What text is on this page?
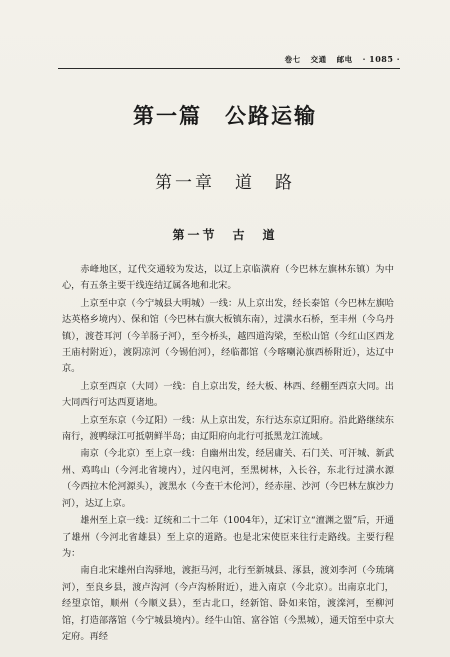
卷七 交通 邮电 · 1085 ·
第一篇　公路运输
第一章　道　路
第一节　古　道

赤峰地区，辽代交通较为发达，以辽上京临潢府（今巴林左旗林东镇）为中心，有五条主要干线连结辽属各地和北宋。

上京至中京（今宁城县大明城）一线：从上京出发，经长泰馆（今巴林左旗哈达英格乡境内）、保和馆（今巴林右旗大板镇东南），过潢水石桥，至丰州（今乌丹镇），渡苍耳河（今羊肠子河），至今桥头，越四道沟梁，至松山馆（今红山区西龙王庙村附近），渡阴凉河（今锡伯河），经临都馆（今喀喇沁旗西桥附近），达辽中京。

上京至西京（大同）一线：自上京出发，经大板、林西、经棚至西京大同。出大同西行可达西夏诸地。

上京至东京（今辽阳）一线：从上京出发，东行达东京辽阳府。沿此路继续东南行，渡鸭绿江可抵朝鲜半岛；由辽阳府向北行可抵黑龙江流域。

南京（今北京）至上京一线：自幽州出发，经居庸关、石门关、可汗城、新武州、鸡鸣山（今河北省境内），过闪电河，至黑树林，入长谷，东北行过潢水源（今西拉木伦河源头），渡黑水（今查干木伦河），经赤崖、沙河（今巴林左旗沙力河），达辽上京。

雄州至上京一线：辽统和二十二年（1004年），辽宋订立“澶渊之盟”后，开通了雄州（今河北省雄县）至上京的道路。也是北宋使臣来往行走路线。主要行程为：

南自北宋雄州白沟驿地，渡拒马河，北行至新城县、涿县，渡刘李河（今琉璃河），至良乡县，渡卢沟河（今卢沟桥附近），进入南京（今北京）。出南京北门，经望京馆，顺州（今顺义县），至古北口，经新馆、卧如来馆，渡滦河，至柳河馆，打造部落馆（今宁城县境内）。经牛山馆、富谷馆（今黑城），通天馆至中京大定府。再经
